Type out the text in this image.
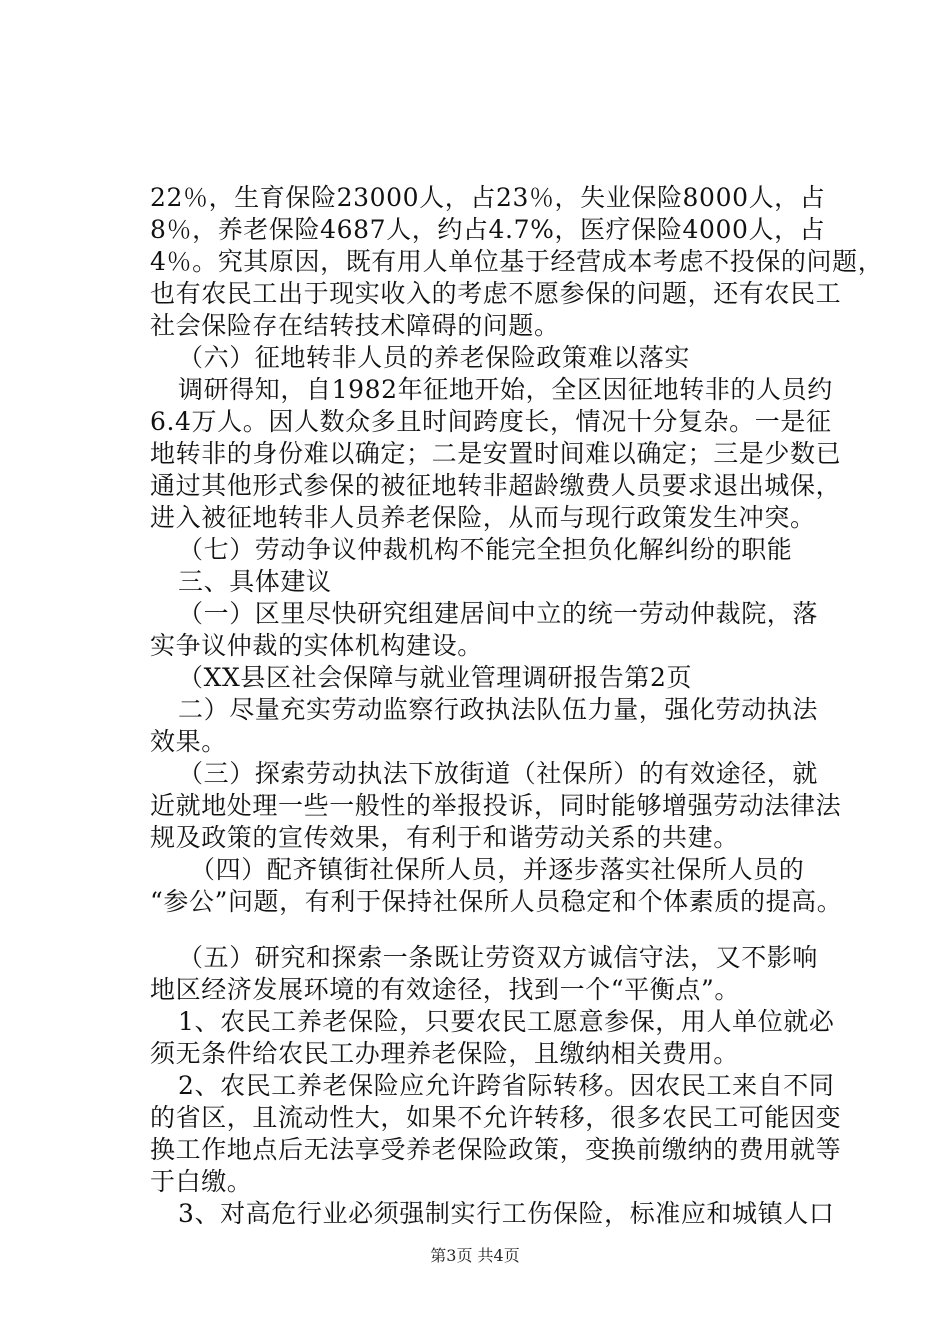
22％，生育保险23000人，占23％，失业保险8000人，占
8％，养老保险4687人，约占4.7%，医疗保险4000人，占
4％。究其原因，既有用人单位基于经营成本考虑不投保的问题，
也有农民工出于现实收入的考虑不愿参保的问题，还有农民工
社会保险存在结转技术障碍的问题。
（六）征地转非人员的养老保险政策难以落实
调研得知，自1982年征地开始，全区因征地转非的人员约
6.4万人。因人数众多且时间跨度长，情况十分复杂。一是征
地转非的身份难以确定；二是安置时间难以确定；三是少数已
通过其他形式参保的被征地转非超龄缴费人员要求退出城保，
进入被征地转非人员养老保险，从而与现行政策发生冲突。
（七）劳动争议仲裁机构不能完全担负化解纠纷的职能
三、具体建议
（一）区里尽快研究组建居间中立的统一劳动仲裁院，落
实争议仲裁的实体机构建设。
（XX县区社会保障与就业管理调研报告第2页
二）尽量充实劳动监察行政执法队伍力量，强化劳动执法
效果。
（三）探索劳动执法下放街道（社保所）的有效途径，就
近就地处理一些一般性的举报投诉，同时能够增强劳动法律法
规及政策的宣传效果，有利于和谐劳动关系的共建。
（四）配齐镇街社保所人员，并逐步落实社保所人员的
“参公”问题，有利于保持社保所人员稳定和个体素质的提高。
（五）研究和探索一条既让劳资双方诚信守法，又不影响
地区经济发展环境的有效途径，找到一个“平衡点”。
1、农民工养老保险，只要农民工愿意参保，用人单位就必
须无条件给农民工办理养老保险，且缴纳相关费用。
2、农民工养老保险应允许跨省际转移。因农民工来自不同
的省区，且流动性大，如果不允许转移，很多农民工可能因变
换工作地点后无法享受养老保险政策，变换前缴纳的费用就等
于白缴。
3、对高危行业必须强制实行工伤保险，标准应和城镇人口
第3页 共4页
